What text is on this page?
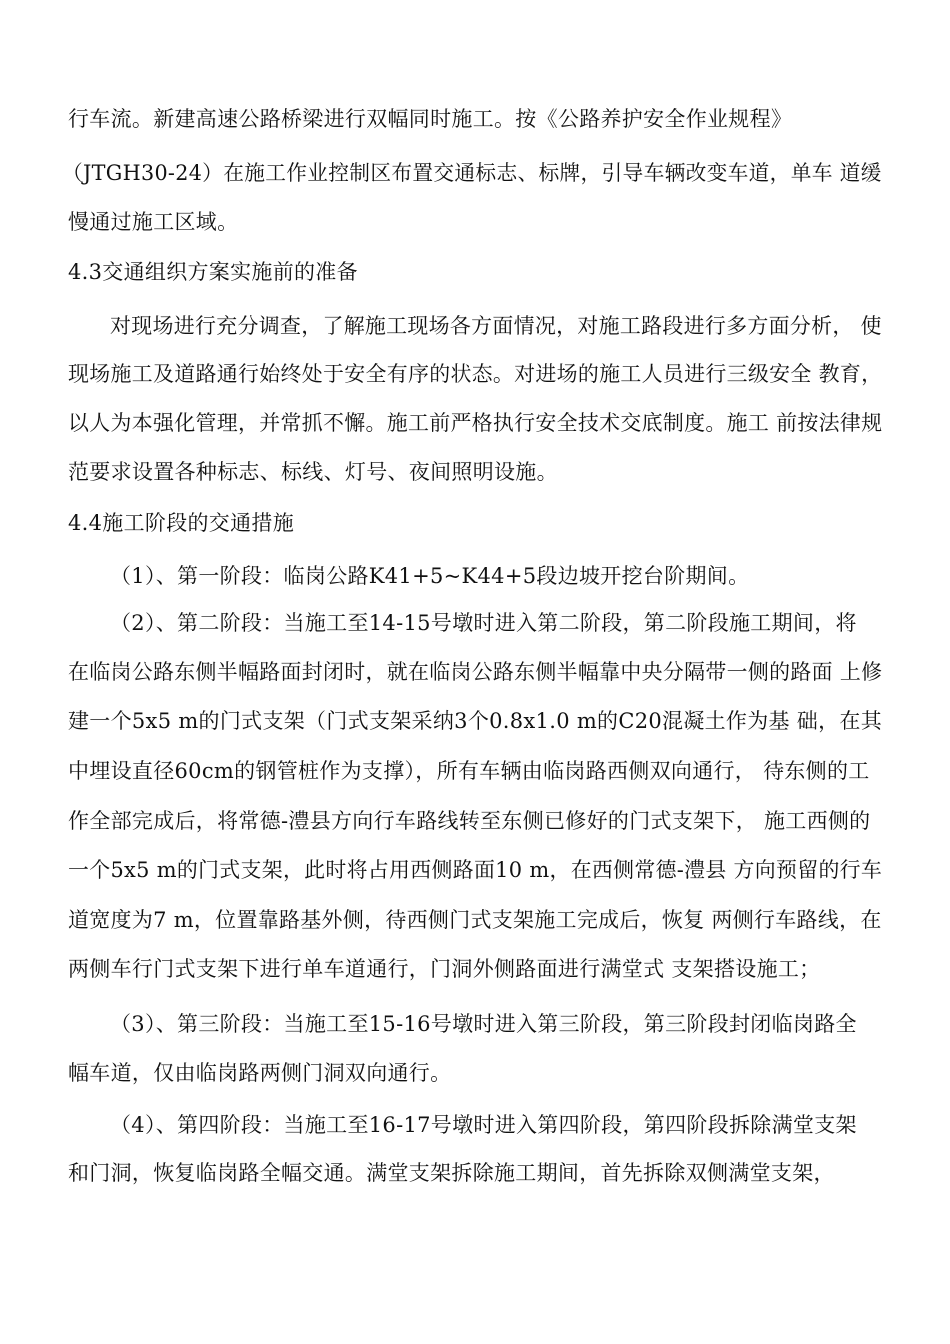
行车流。新建高速公路桥梁进行双幅同时施工。按《公路养护安全作业规程》
（JTGH30-24）在施工作业控制区布置交通标志、标牌，引导车辆改变车道，单车 道缓
慢通过施工区域。
4.3交通组织方案实施前的准备
对现场进行充分调查，了解施工现场各方面情况，对施工路段进行多方面分析， 使
现场施工及道路通行始终处于安全有序的状态。对进场的施工人员进行三级安全 教育，
以人为本强化管理，并常抓不懈。施工前严格执行安全技术交底制度。施工 前按法律规
范要求设置各种标志、标线、灯号、夜间照明设施。
4.4施工阶段的交通措施
（1）、第一阶段：临岗公路K41+5~K44+5段边坡开挖台阶期间。
（2）、第二阶段：当施工至14-15号墩时进入第二阶段，第二阶段施工期间，将
在临岗公路东侧半幅路面封闭时，就在临岗公路东侧半幅靠中央分隔带一侧的路面 上修
建一个5x5 m的门式支架（门式支架采纳3个0.8x1.0 m的C20混凝土作为基 础，在其
中埋设直径60cm的钢管桩作为支撑），所有车辆由临岗路西侧双向通行， 待东侧的工
作全部完成后，将常德-澧县方向行车路线转至东侧已修好的门式支架下， 施工西侧的
一个5x5 m的门式支架，此时将占用西侧路面10 m，在西侧常德-澧县 方向预留的行车
道宽度为7 m，位置靠路基外侧，待西侧门式支架施工完成后，恢复 两侧行车路线，在
两侧车行门式支架下进行单车道通行，门洞外侧路面进行满堂式 支架搭设施工；
（3）、第三阶段：当施工至15-16号墩时进入第三阶段，第三阶段封闭临岗路全
幅车道，仅由临岗路两侧门洞双向通行。
（4）、第四阶段：当施工至16-17号墩时进入第四阶段，第四阶段拆除满堂支架
和门洞，恢复临岗路全幅交通。满堂支架拆除施工期间，首先拆除双侧满堂支架，
